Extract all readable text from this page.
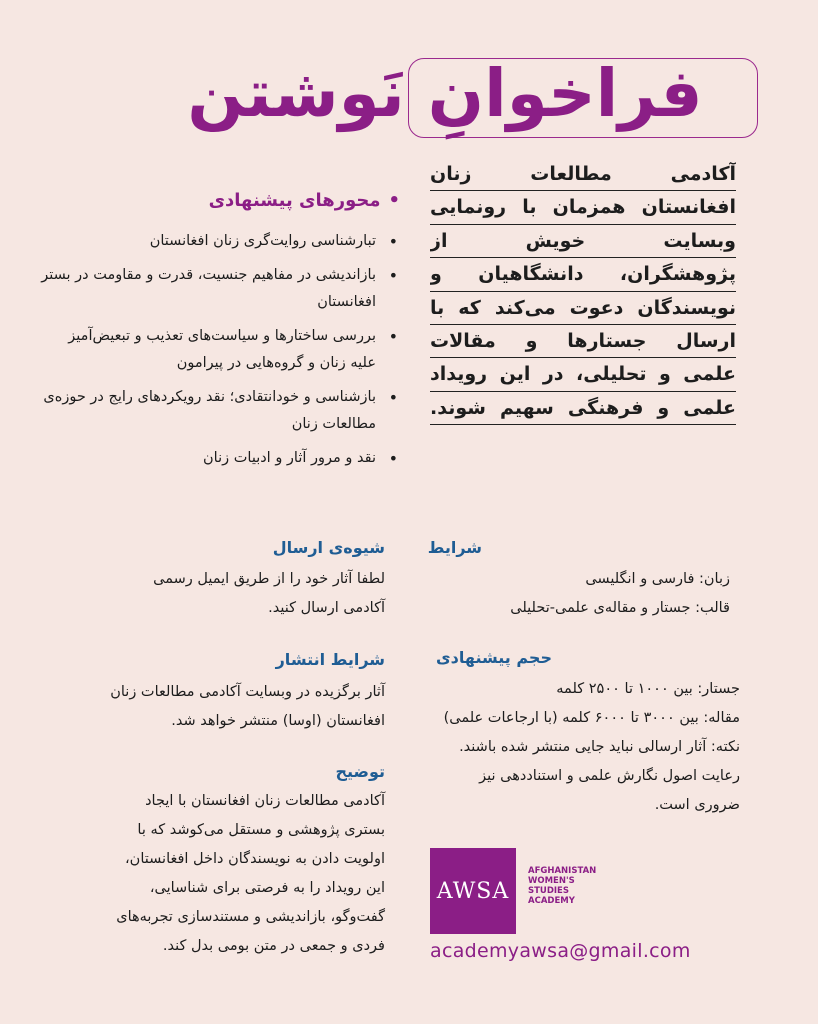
فراخوانِ نَوشتن
آکادمی مطالعات زنان
افغانستان همزمان با رونمایی
وبسایت خویش از
پژوهشگران، دانشگاهیان و
نویسندگان دعوت می‌کند که با
ارسال جستارها و مقالات
علمی و تحلیلی، در این رویداد
علمی و فرهنگی سهیم شوند.
•محورهای پیشنهادی
• تبارشناسی روایت‌گری زنان افغانستان
• بازاندیشی در مفاهیم جنسیت، قدرت و مقاومت در بستر افغانستان
• بررسی ساختارها و سیاست‌های تعذیب و تبعیض‌آمیز علیه زنان و گروه‌هایی در پیرامون
• بازشناسی و خودانتقادی؛ نقد رویکردهای رایج در حوزه‌ی مطالعات زنان
• نقد و مرور آثار و ادبیات زنان
شرایط
زبان: فارسی و انگلیسی
قالب: جستار و مقاله‌ی علمی-تحلیلی
حجم پیشنهادی
جستار: بین ۱۰۰۰ تا ۲۵۰۰ کلمه
مقاله: بین ۳۰۰۰ تا ۶۰۰۰ کلمه (با ارجاعات علمی)
نکته: آثار ارسالی نباید جایی منتشر شده باشند.
رعایت اصول نگارش علمی و استناددهی نیز
ضروری است.
شیوه‌ی ارسال
لطفا آثار خود را از طریق ایمیل رسمی
آکادمی ارسال کنید.
شرایط انتشار
آثار برگزیده در وبسایت آکادمی مطالعات زنان
افغانستان (اوسا) منتشر خواهد شد.
توضیح
آکادمی مطالعات زنان افغانستان با ایجاد
بستری پژوهشی و مستقل می‌کوشد که با
اولویت دادن به نویسندگان داخل افغانستان،
این رویداد را به فرصتی برای شناسایی،
گفت‌وگو، بازاندیشی و مستندسازی تجربه‌های
فردی و جمعی در متن بومی بدل کند.
AWSA
AFGHANISTAN
WOMEN'S
STUDIES
ACADEMY
academyawsa@gmail.com
